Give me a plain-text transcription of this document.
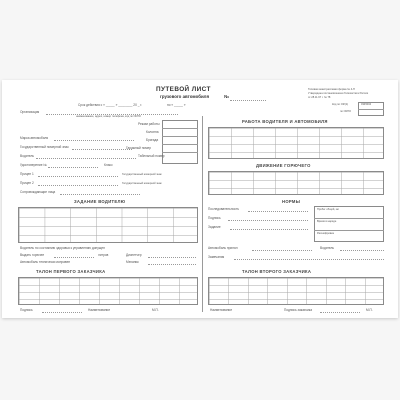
ПУТЕВОЙ ЛИСТ
грузового автомобиля	№
Срок действия с « _____ » ________ 20 _ г.	по « _____ »
Типовая межотраслевая форма № 4-П
Утверждена постановлением Госкомстата России
от 28.11.97 г. № 78
Код по ОКУД	0345004
по ОКПО
Организация
наименование, адрес, номер телефона, код по ОКПО
Режим работы
Колонна
Бригада
Марка автомобиля
Государственный номерной знак	Гаражный номер
Водитель	Табельный номер
Удостоверение №	Класс
Прицеп 1	Государственный номерной знак
Прицеп 2	Государственный номерной знак
Сопровождающие лица
ЗАДАНИЕ ВОДИТЕЛЮ
Водитель по состоянию здоровья к управлению допущен
Выдать горючее	литров	Диспетчер
Автомобиль технически исправен	Механик
ТАЛОН ПЕРВОГО ЗАКАЗЧИКА
Подпись	Наименование	М.П.
РАБОТА ВОДИТЕЛЯ И АВТОМОБИЛЯ
ДВИЖЕНИЕ ГОРЮЧЕГО
НОРМЫ
Последовательность
Подпись
Задание
Пробег общий, км
Время в наряде
Расшифровка
Автомобиль принял	Водитель
Замечания
ТАЛОН ВТОРОГО ЗАКАЗЧИКА
Наименование	Подпись заказчика	М.П.
